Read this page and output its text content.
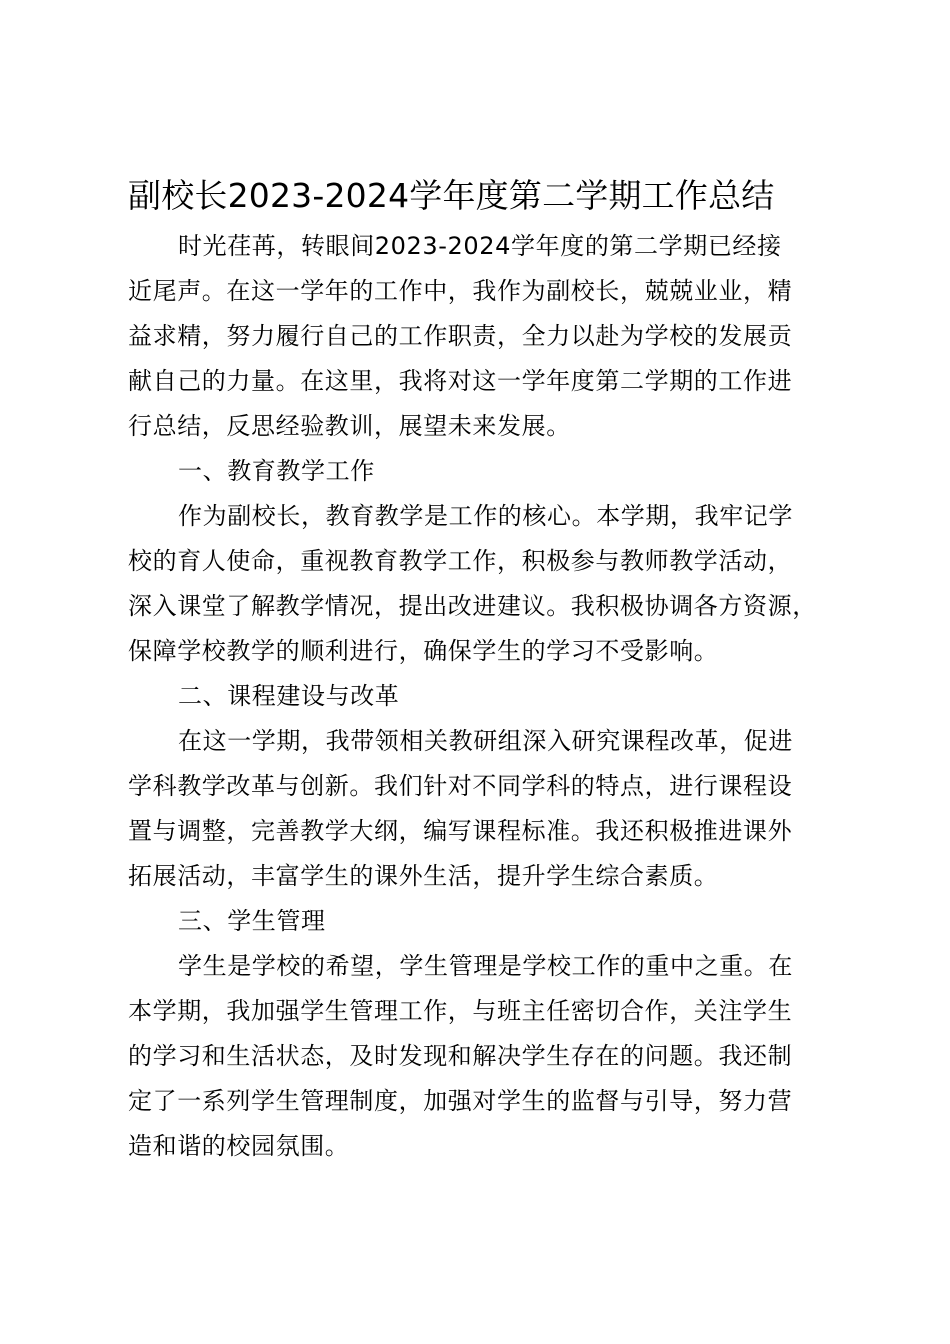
副校长2023-2024学年度第二学期工作总结
时光荏苒，转眼间2023-2024学年度的第二学期已经接
近尾声。在这一学年的工作中，我作为副校长，兢兢业业，精
益求精，努力履行自己的工作职责，全力以赴为学校的发展贡
献自己的力量。在这里，我将对这一学年度第二学期的工作进
行总结，反思经验教训，展望未来发展。
一、教育教学工作
作为副校长，教育教学是工作的核心。本学期，我牢记学
校的育人使命，重视教育教学工作，积极参与教师教学活动，
深入课堂了解教学情况，提出改进建议。我积极协调各方资源，
保障学校教学的顺利进行，确保学生的学习不受影响。
二、课程建设与改革
在这一学期，我带领相关教研组深入研究课程改革，促进
学科教学改革与创新。我们针对不同学科的特点，进行课程设
置与调整，完善教学大纲，编写课程标准。我还积极推进课外
拓展活动，丰富学生的课外生活，提升学生综合素质。
三、学生管理
学生是学校的希望，学生管理是学校工作的重中之重。在
本学期，我加强学生管理工作，与班主任密切合作，关注学生
的学习和生活状态，及时发现和解决学生存在的问题。我还制
定了一系列学生管理制度，加强对学生的监督与引导，努力营
造和谐的校园氛围。
